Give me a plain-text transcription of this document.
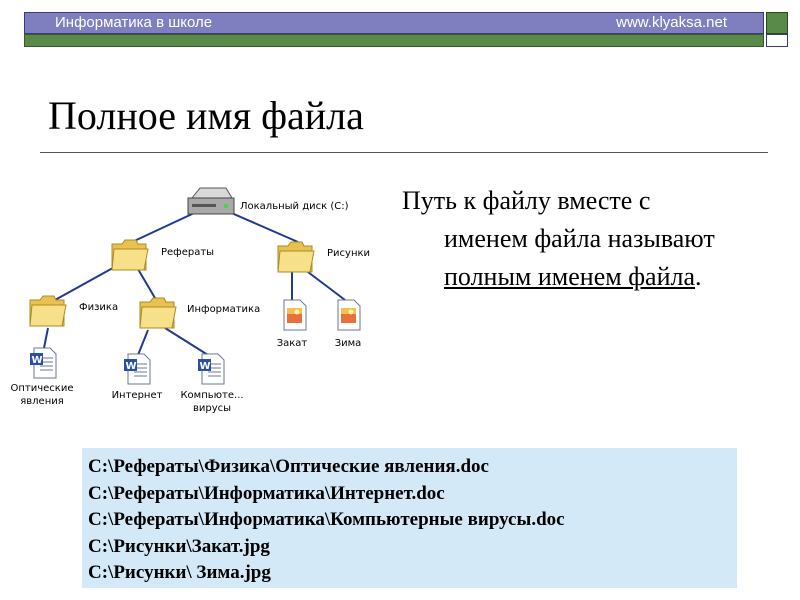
Информатика в школе	www.klyaksa.net
Полное имя файла
W
Локальный диск (С:)
Рефераты	Рисунки
Физика	Информатика
Закат	Зима
Оптические
явления
Интернет Компьюте...
вирусы
Путь к файлу вместе с
именем файла называют
полным именем файла.
C:\Рефераты\Физика\Оптические явления.doc
C:\Рефераты\Информатика\Интернет.doc
C:\Рефераты\Информатика\Компьютерные вирусы.doc
C:\Рисунки\Закат.jpg
C:\Рисунки\ Зима.jpg
